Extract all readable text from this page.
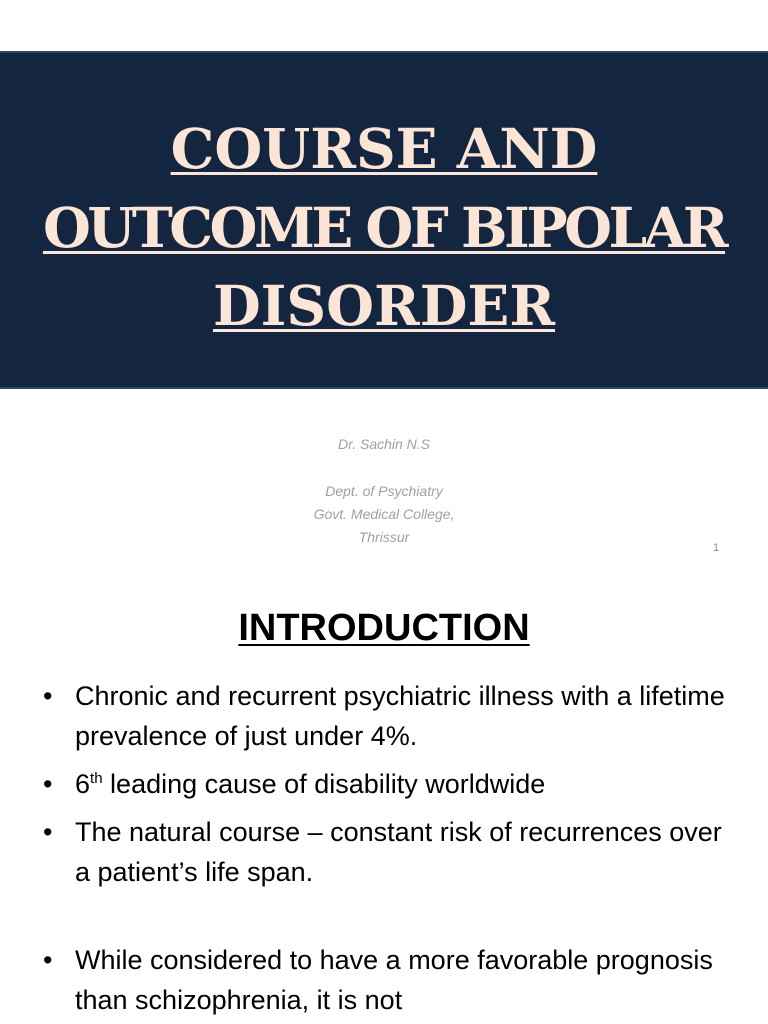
COURSE AND
OUTCOME OF BIPOLAR
DISORDER
Dr. Sachin N.S
Dept. of Psychiatry
Govt. Medical College,
Thrissur
1
INTRODUCTION
• Chronic and recurrent psychiatric illness with a lifetime prevalence of just under 4%.
• 6th leading cause of disability worldwide
• The natural course – constant risk of recurrences over a patient’s life span.
• While considered to have a more favorable prognosis than schizophrenia, it is not
